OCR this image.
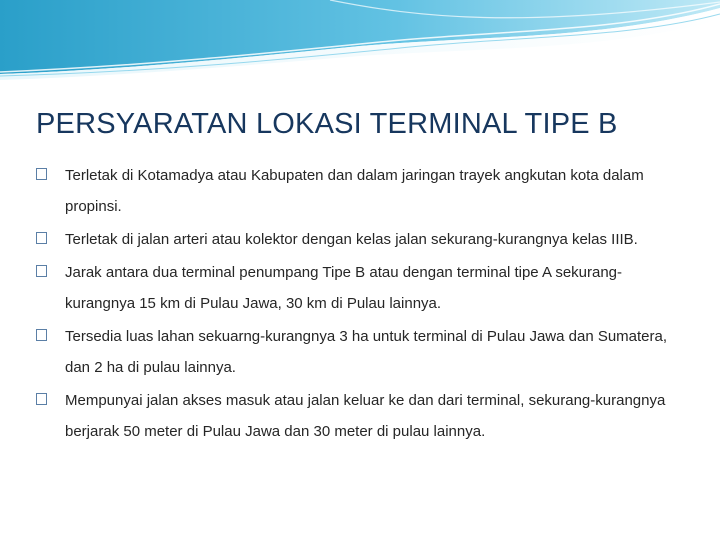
PERSYARATAN LOKASI TERMINAL TIPE B
Terletak di Kotamadya atau Kabupaten dan dalam jaringan trayek angkutan kota dalam propinsi.
Terletak di jalan arteri atau kolektor dengan kelas jalan sekurang-kurangnya kelas IIIB.
Jarak antara dua terminal penumpang Tipe B atau dengan terminal tipe A sekurang-kurangnya 15 km di Pulau Jawa, 30 km di Pulau lainnya.
Tersedia luas lahan sekuarng-kurangnya 3 ha untuk terminal di Pulau Jawa dan Sumatera, dan 2 ha di pulau lainnya.
Mempunyai jalan akses masuk atau jalan keluar ke dan dari terminal, sekurang-kurangnya berjarak 50 meter di Pulau Jawa dan 30 meter di pulau lainnya.
